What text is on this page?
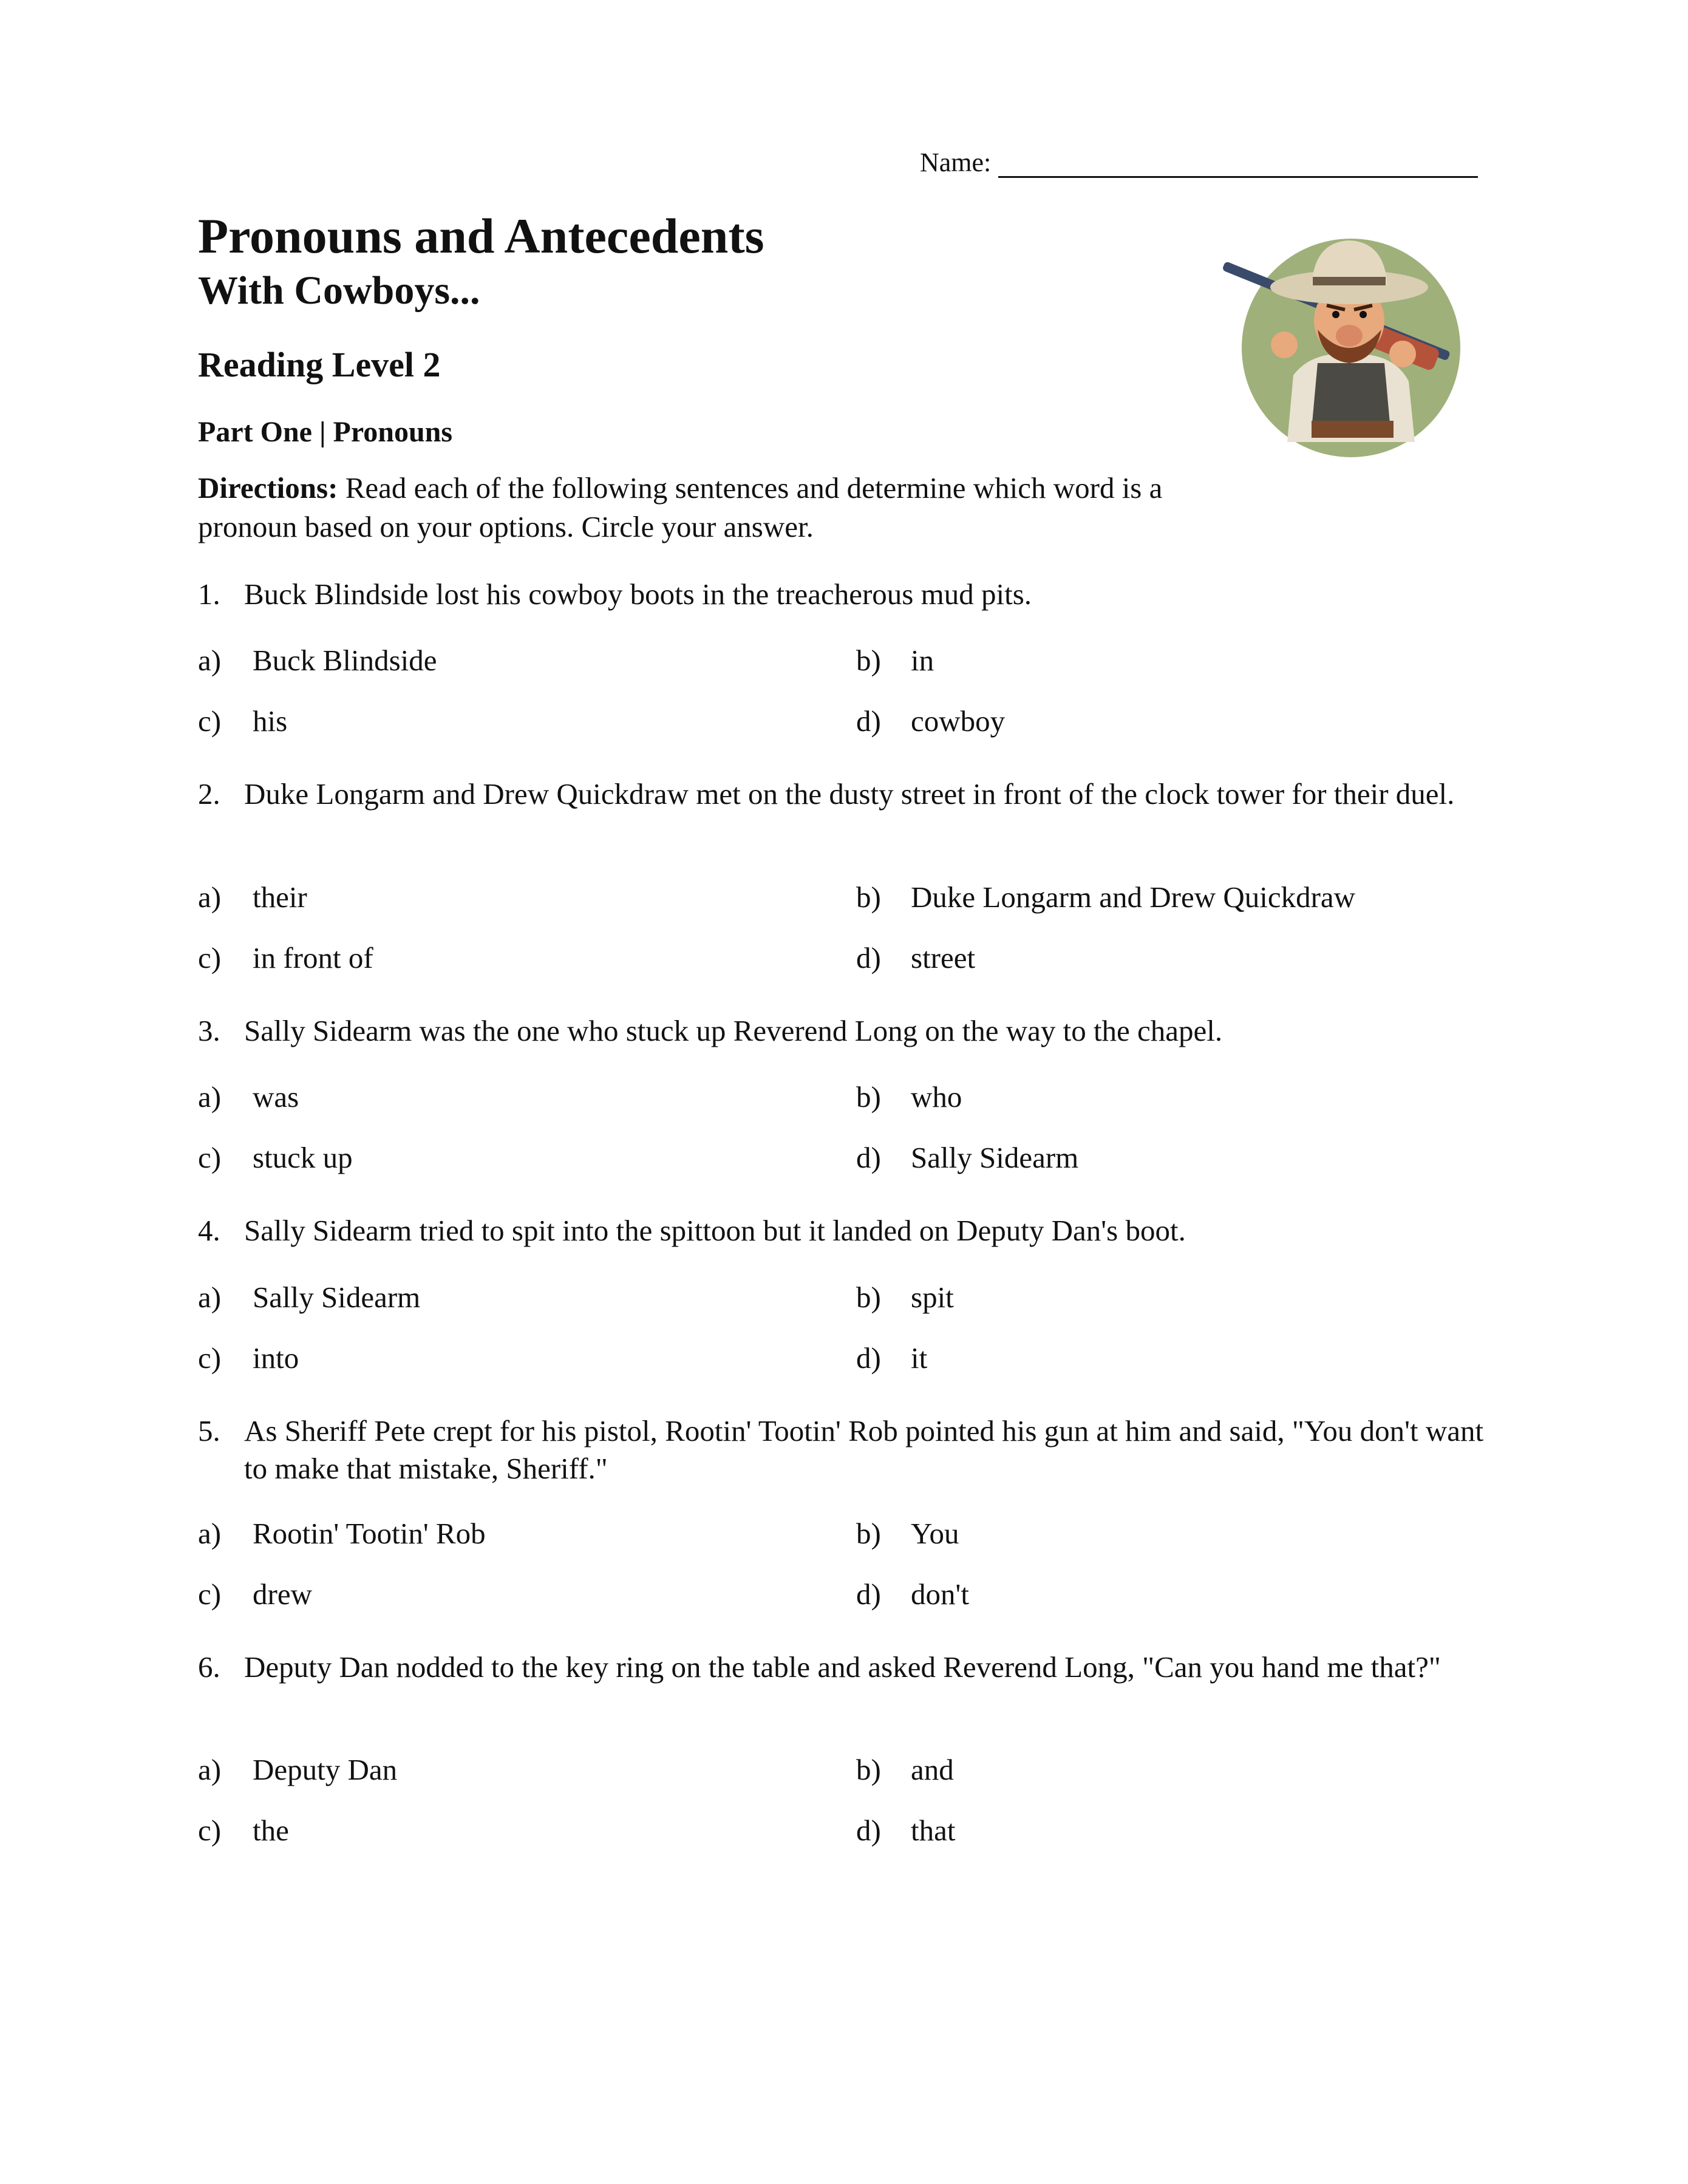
Name:
Pronouns and Antecedents
With Cowboys...
Reading Level 2
Part One | Pronouns
Directions: Read each of the following sentences and determine which word is a pronoun based on your options. Circle your answer.
1. Buck Blindside lost his cowboy boots in the treacherous mud pits.
a) Buck Blindside	b) in
c) his	d) cowboy
2. Duke Longarm and Drew Quickdraw met on the dusty street in front of the clock tower for their duel.
a) their	b) Duke Longarm and Drew Quickdraw
c) in front of	d) street
3. Sally Sidearm was the one who stuck up Reverend Long on the way to the chapel.
a) was	b) who
c) stuck up	d) Sally Sidearm
4. Sally Sidearm tried to spit into the spittoon but it landed on Deputy Dan's boot.
a) Sally Sidearm	b) spit
c) into	d) it
5. As Sheriff Pete crept for his pistol, Rootin' Tootin' Rob pointed his gun at him and said, "You don't want to make that mistake, Sheriff."
a) Rootin' Tootin' Rob	b) You
c) drew	d) don't
6. Deputy Dan nodded to the key ring on the table and asked Reverend Long, "Can you hand me that?"
a) Deputy Dan	b) and
c) the	d) that
